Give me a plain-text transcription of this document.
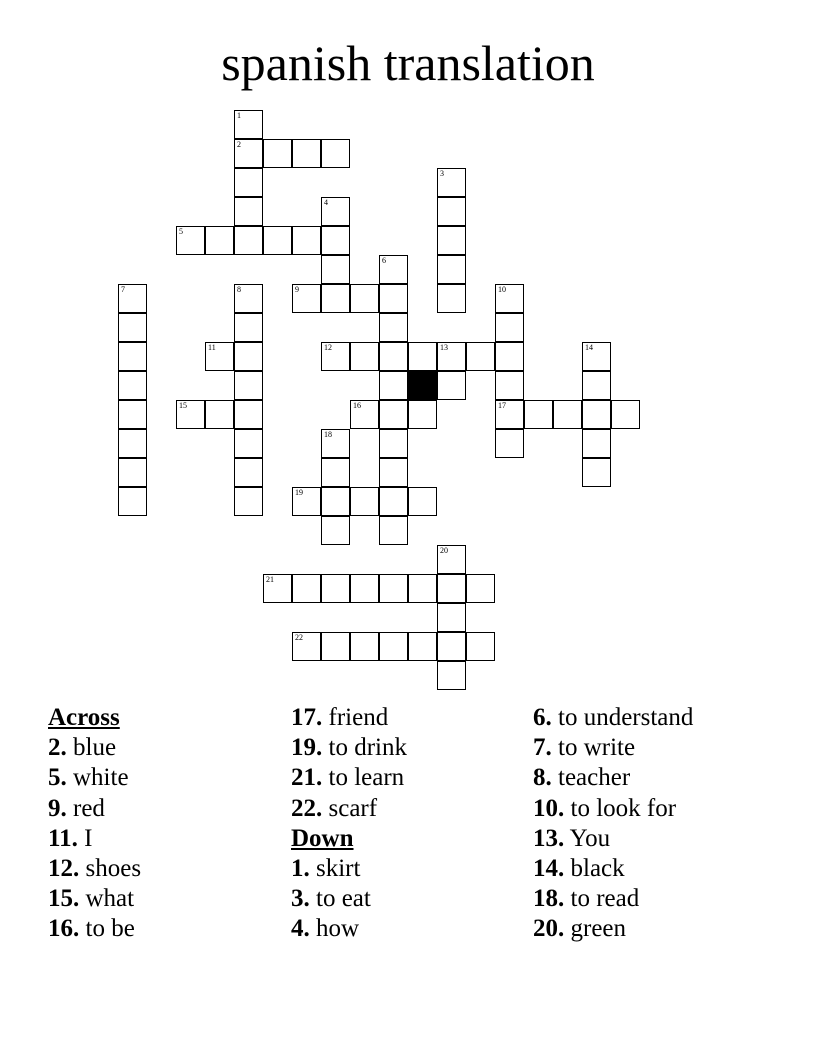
spanish translation
1
2
3
4
5
6
7	8	9	10
11	12	13	14
15	16	17
18
19
20
21
22
Across
2. blue
5. white
9. red
11. I
12. shoes
15. what
16. to be
17. friend
19. to drink
21. to learn
22. scarf
Down
1. skirt
3. to eat
4. how
6. to understand
7. to write
8. teacher
10. to look for
13. You
14. black
18. to read
20. green
